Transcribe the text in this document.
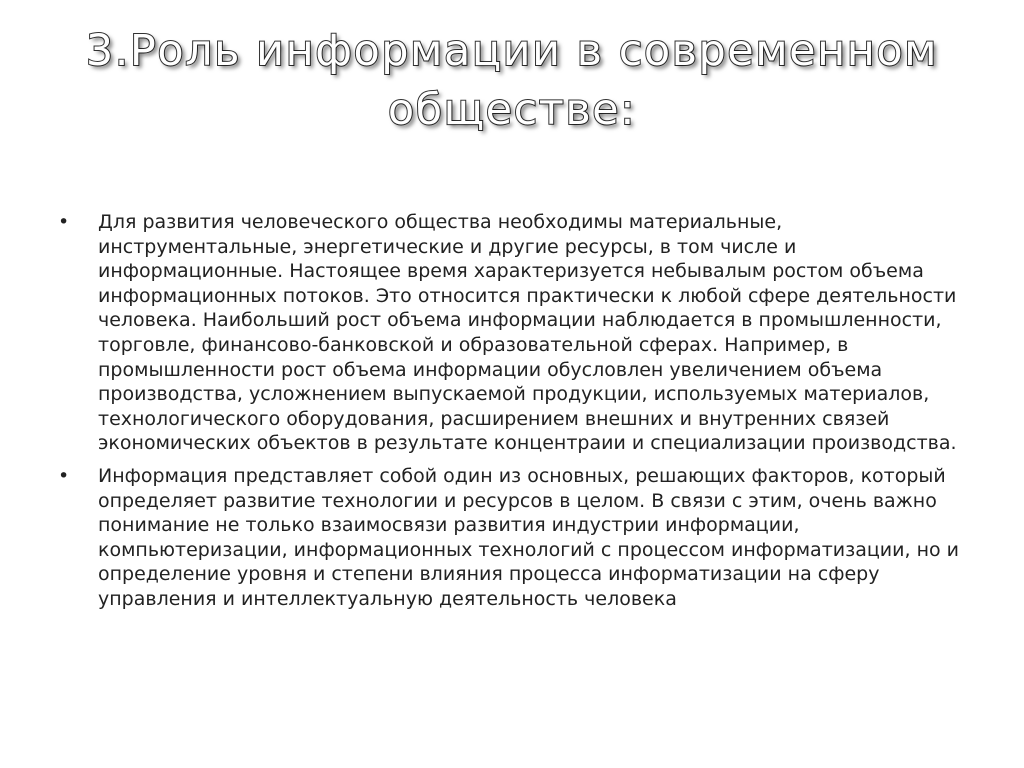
3.Роль информации в современном
обществе:
• Для развития человеческого общества необходимы материальные, инструментальные, энергетические и другие ресурсы, в том числе и информационные. Настоящее время характеризуется небывалым ростом объема информационных потоков. Это относится практически к любой сфере деятельности человека. Наибольший рост объема информации наблюдается в промышленности, торговле, финансово-банковской и образовательной сферах. Например, в промышленности рост объема информации обусловлен увеличением объема производства, усложнением выпускаемой продукции, используемых материалов, технологического оборудования, расширением внешних и внутренних связей экономических объектов в результате концентраии и специализации производства.
• Информация представляет собой один из основных, решающих факторов, который определяет развитие технологии и ресурсов в целом. В связи с этим, очень важно понимание не только взаимосвязи развития индустрии информации, компьютеризации, информационных технологий с процессом информатизации, но и определение уровня и степени влияния процесса информатизации на сферу управления и интеллектуальную деятельность человека
